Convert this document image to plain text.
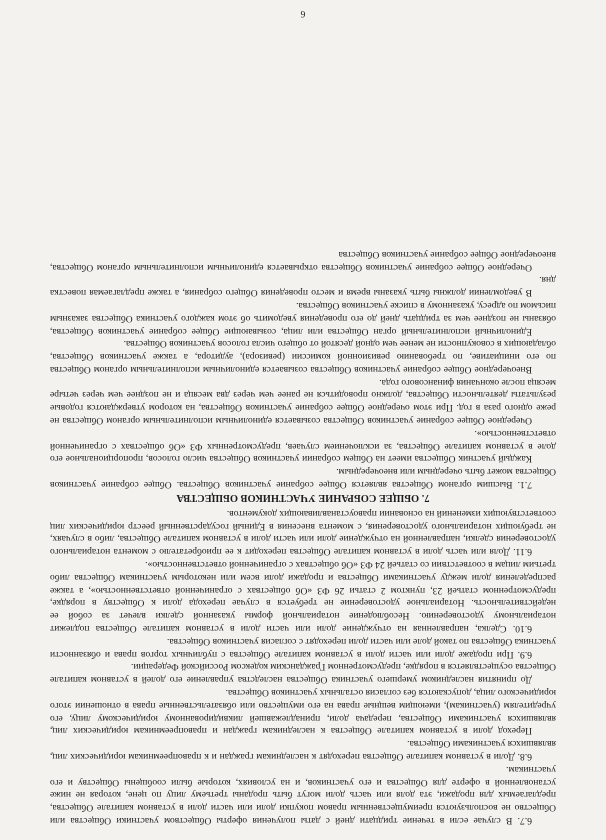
6.7. В случае если в течение тридцати дней с даты получения оферты Обществом участники Общества или Общество не воспользуются преимущественным правом покупки доли или части доли в уставном капитале Общества, предлагаемых для продажи, эта доля или часть доли могут быть проданы третьему лицу по цене, которая не ниже установленной в оферте для Общества и его участников, и на условиях, которые были сообщены Обществу и его участникам.

6.8. Доли в уставном капитале Общества переходят к наследникам граждан и к правопреемникам юридических лиц, являвшихся участниками Общества.

Переход доли в уставном капитале Общества к наследникам граждан и правопреемникам юридических лиц, являвшихся участниками Общества, передача доли, принадлежавшей ликвидированному юридическому лицу, его учредителям (участникам), имеющим вещные права на его имущество или обязательственные права в отношении этого юридического лица, допускаются без согласия остальных участников Общества.

До принятия наследником умершего участника Общества наследства управление его долей в уставном капитале Общества осуществляется в порядке, предусмотренном Гражданским кодексом Российской Федерации.

6.9. При продаже доли или части доли в уставном капитале Общества с публичных торгов права и обязанности участника Общества по такой доле или части доли переходят с согласия участников Общества.

6.10. Сделка, направленная на отчуждение доли или части доли в уставном капитале Общества подлежит нотариальному удостоверению. Несоблюдение нотариальной формы указанной сделки влечет за собой ее недействительность. Нотариальное удостоверение не требуется в случае перехода доли к Обществу в порядке, предусмотренном статьей 23, пунктом 2 статьи 26 ФЗ «Об обществах с ограниченной ответственностью», а также распределения доли между участниками Общества и продажи доли всем или некоторым участникам Общества либо третьим лицам в соответствии со статьей 24 ФЗ «Об обществах с ограниченной ответственностью».

6.11. Доля или часть доли в уставном капитале Общества переходит к ее приобретателю с момента нотариального удостоверения сделки, направленной на отчуждение доли или части доли в уставном капитале Общества, либо в случаях, не требующих нотариального удостоверения, с момента внесения в Единый государственный реестр юридических лиц соответствующих изменений на основании правоустанавливающих документов.

7. ОБЩЕЕ СОБРАНИЕ УЧАСТНИКОВ ОБЩЕСТВА

7.1. Высшим органом Общества является Общее собрание участников Общества. Общее собрание участников Общества может быть очередным или внеочередным.

Каждый участник Общества имеет на Общем собрании участников Общества число голосов, пропорциональное его доле в уставном капитале Общества, за исключением случаев, предусмотренных ФЗ «Об обществах с ограниченной ответственностью».

Очередное Общее собрание участников Общества созывается единоличным исполнительным органом Общества не реже одного раза в год. При этом очередное Общее собрание участников Общества, на котором утверждаются годовые результаты деятельности Общества, должно проводиться не ранее чем через два месяца и не позднее чем через четыре месяца после окончания финансового года.

Внеочередное Общее собрание участников Общества созывается единоличным исполнительным органом Общества по его инициативе, по требованию ревизионной комиссии (ревизора), аудитора, а также участников Общества, обладающих в совокупности не менее чем одной десятой от общего числа голосов участников Общества.

Единоличный исполнительный орган Общества или лица, созывающие Общее собрание участников Общества, обязаны не позднее чем за тридцать дней до его проведения уведомить об этом каждого участника Общества заказным письмом по адресу, указанному в списке участников Общества.

В уведомлении должны быть указаны время и место проведения Общего собрания, а также предлагаемая повестка дня.

Очередное Общее собрание участников Общества открывается единоличным исполнительным органом Общества, внеочередное Общее собрание участников Общества

6
